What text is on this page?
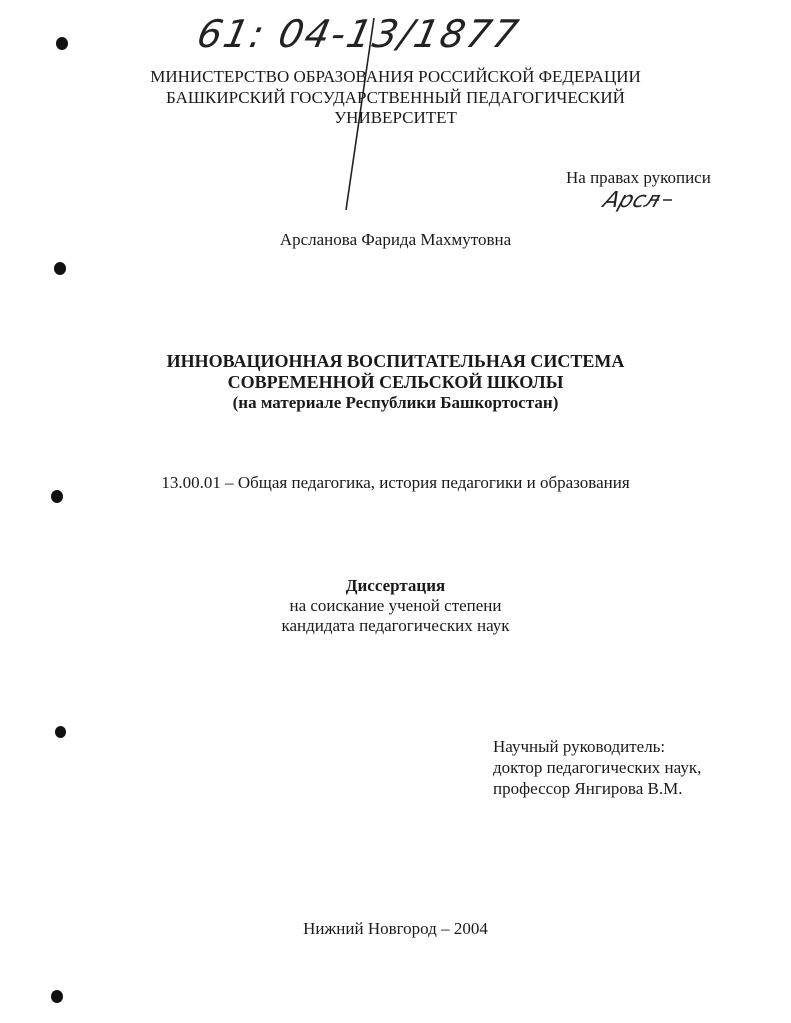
61: 04-13/1877
МИНИСТЕРСТВО ОБРАЗОВАНИЯ РОССИЙСКОЙ ФЕДЕРАЦИИ
БАШКИРСКИЙ ГОСУДАРСТВЕННЫЙ ПЕДАГОГИЧЕСКИЙ
УНИВЕРСИТЕТ
На правах рукописи
Арсл
Арсланова Фарида Махмутовна
ИННОВАЦИОННАЯ ВОСПИТАТЕЛЬНАЯ СИСТЕМА
СОВРЕМЕННОЙ СЕЛЬСКОЙ ШКОЛЫ
(на материале Республики Башкортостан)
13.00.01 – Общая педагогика, история педагогики и образования
Диссертация
на соискание ученой степени
кандидата педагогических наук
Научный руководитель:
доктор педагогических наук,
профессор Янгирова В.М.
Нижний Новгород – 2004
